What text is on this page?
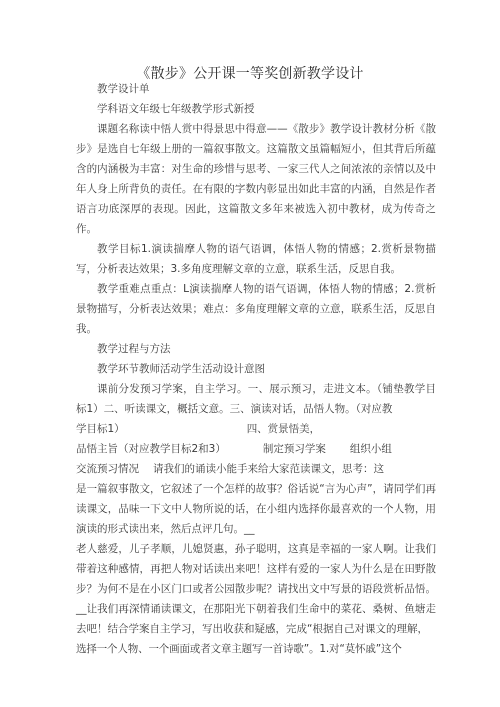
《散步》公开课一等奖创新教学设计

教学设计单

学科语文年级七年级教学形式新授

课题名称读中悟人赏中得景思中得意——《散步》教学设计教材分析《散步》是选自七年级上册的一篇叙事散文。这篇散文虽篇幅短小，但其背后所蕴含的内涵极为丰富：对生命的珍惜与思考、一家三代人之间浓浓的亲情以及中年人身上所背负的责任。在有限的字数内彰显出如此丰富的内涵，自然是作者语言功底深厚的表现。因此，这篇散文多年来被选入初中教材，成为传奇之作。

教学目标1.演读揣摩人物的语气语调，体悟人物的情感；2.赏析景物描写，分析表达效果；3.多角度理解文章的立意，联系生活，反思自我。

教学重难点重点：L演读揣摩人物的语气语调，体悟人物的情感；2.赏析景物描写，分析表达效果；难点：多角度理解文章的立意，联系生活，反思自我。

教学过程与方法

教学环节教师活动学生活动设计意图

课前分发预习学案，自主学习。一、展示预习，走进文本。（铺垫教学目标1）二、听读课文，概括文意。三、演读对话，品悟人物。（对应教

学目标1）	四、赏景悟美，
品悟主旨（对应教学目标2和3）	制定预习学案 组织小组
交流预习情况 请我们的诵读小能手来给大家范读课文，思考：这

是一篇叙事散文，它叙述了一个怎样的故事？俗话说“言为心声”，请同学们再读课文，品味一下文中人物所说的话，在小组内选择你最喜欢的一个人物，用演读的形式读出来，然后点评几句。__

老人慈爱，儿子孝顺，儿媳贤惠，孙子聪明，这真是幸福的一家人啊。让我们带着这种感情，再把人物对话读出来吧！这样有爱的一家人为什么是在田野散步？为何不是在小区门口或者公园散步呢？请找出文中写景的语段赏析品悟。__让我们再深情诵读课文，在那阳光下朝着我们生命中的菜花、桑树、鱼塘走去吧！结合学案自主学习，写出收获和疑感，完成“根据自己对课文的理解，

选择一个人物、一个画面或者文章主题写一首诗歌”。1.对“莫怀戚”这个
